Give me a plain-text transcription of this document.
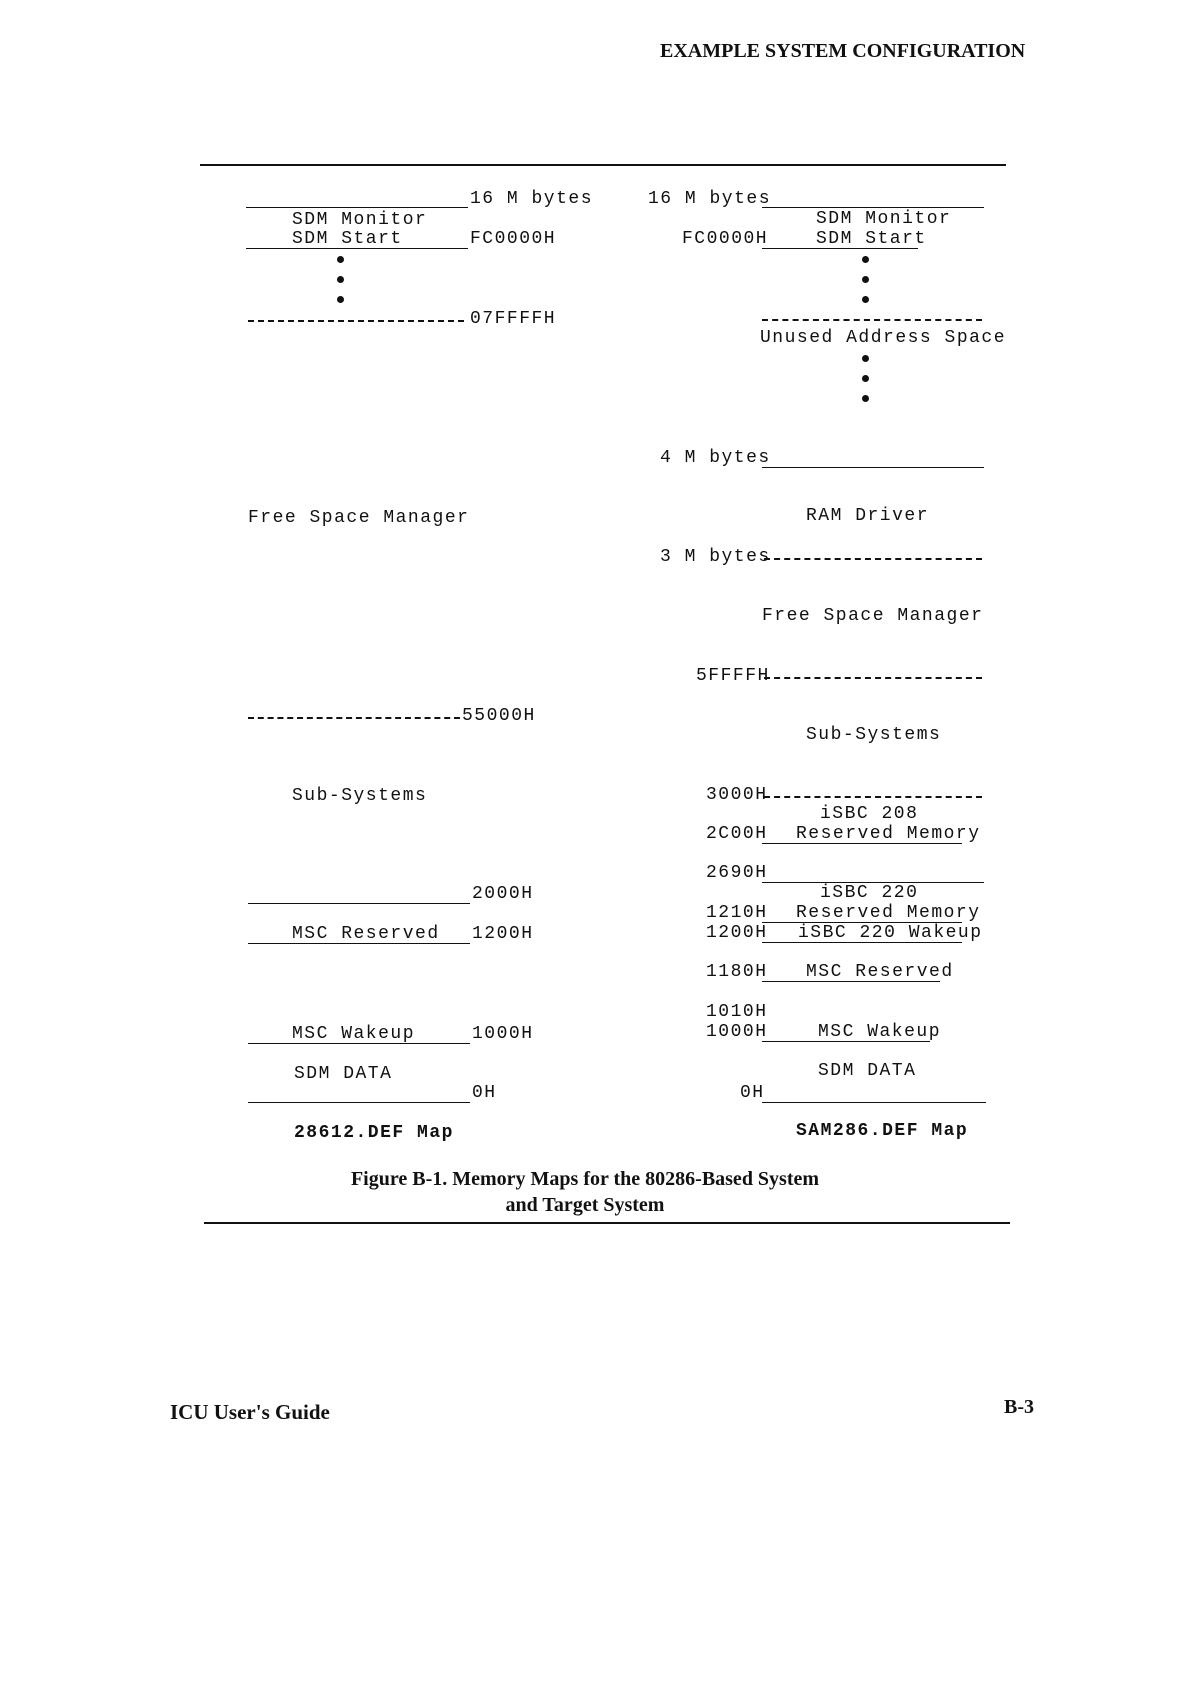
EXAMPLE SYSTEM CONFIGURATION
16 M bytes
SDM Monitor
SDM Start	FC0000H
07FFFFH
Free Space Manager
55000H
Sub-Systems
2000H
MSC Reserved 1200H
MSC Wakeup	1000H
SDM DATA
0H
28612.DEF Map
16 M bytes
SDM Monitor
FC0000H	SDM Start
Unused Address Space
4 M bytes
RAM Driver
3 M bytes
Free Space Manager
5FFFFH
Sub-Systems
3000H
iSBC 208
2C00H Reserved Memory
2690H
iSBC 220
1210H Reserved Memory
1200H iSBC 220 Wakeup
1180H MSC Reserved
1010H
1000H	MSC Wakeup
SDM DATA
0H
SAM286.DEF Map
Figure B-1. Memory Maps for the 80286-Based System
and Target System
ICU User's Guide	B-3
